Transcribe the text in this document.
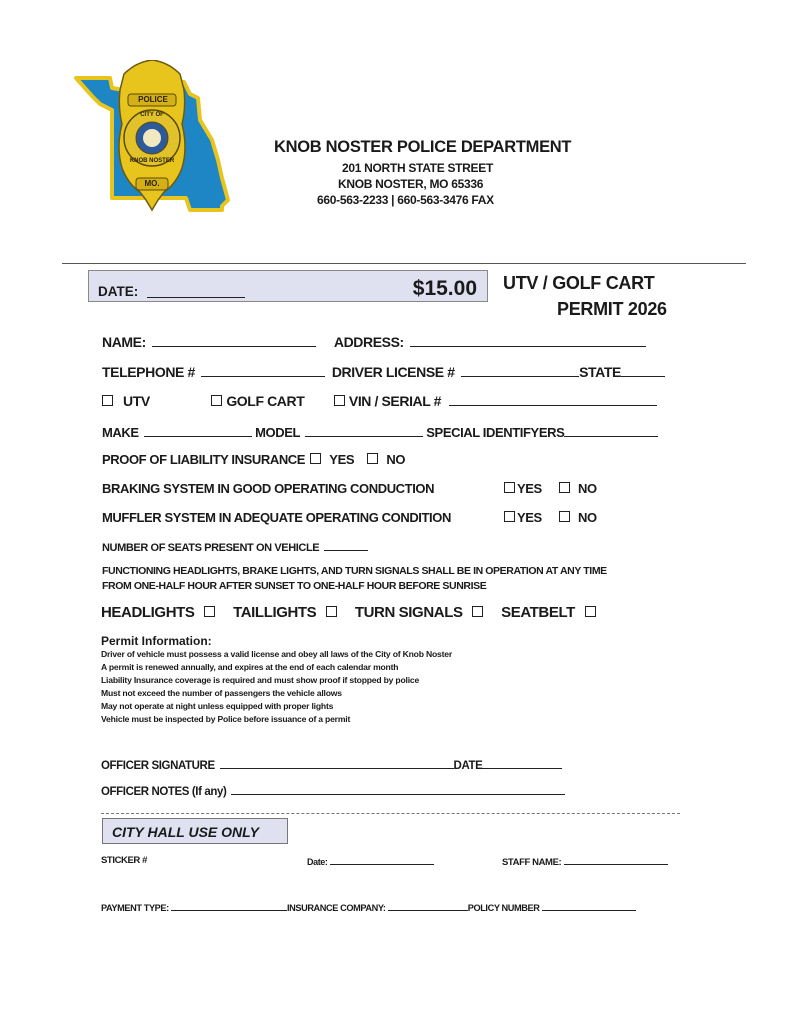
POLICE
CITY OF
KNOB NOSTER
MO.
KNOB NOSTER POLICE DEPARTMENT
201 NORTH STATE STREET
KNOB NOSTER, MO 65336
660-563-2233 | 660-563-3476 FAX
DATE:	$15.00 UTV / GOLF CART
PERMIT 2026
NAME:	ADDRESS:
TELEPHONE #	DRIVER LICENSE #	STATE
UTV	GOLF CART	VIN / SERIAL #
MAKE	MODEL	SPECIAL IDENTIFYERS
PROOF OF LIABILITY INSURANCE YES NO
BRAKING SYSTEM IN GOOD OPERATING CONDUCTION	YES	NO
MUFFLER SYSTEM IN ADEQUATE OPERATING CONDITION	YES	NO
NUMBER OF SEATS PRESENT ON VEHICLE
FUNCTIONING HEADLIGHTS, BRAKE LIGHTS, AND TURN SIGNALS SHALL BE IN OPERATION AT ANY TIME
FROM ONE-HALF HOUR AFTER SUNSET TO ONE-HALF HOUR BEFORE SUNRISE
HEADLIGHTS	TAILLIGHTS	TURN SIGNALS	SEATBELT
Permit Information:
Driver of vehicle must possess a valid license and obey all laws of the City of Knob Noster
A permit is renewed annually, and expires at the end of each calendar month
Liability Insurance coverage is required and must show proof if stopped by police
Must not exceed the number of passengers the vehicle allows
May not operate at night unless equipped with proper lights
Vehicle must be inspected by Police before issuance of a permit
OFFICER SIGNATURE	DATE
OFFICER NOTES (If any)
CITY HALL USE ONLY
STICKER #	Date:	STAFF NAME:
PAYMENT TYPE:	INSURANCE COMPANY:	POLICY NUMBER
